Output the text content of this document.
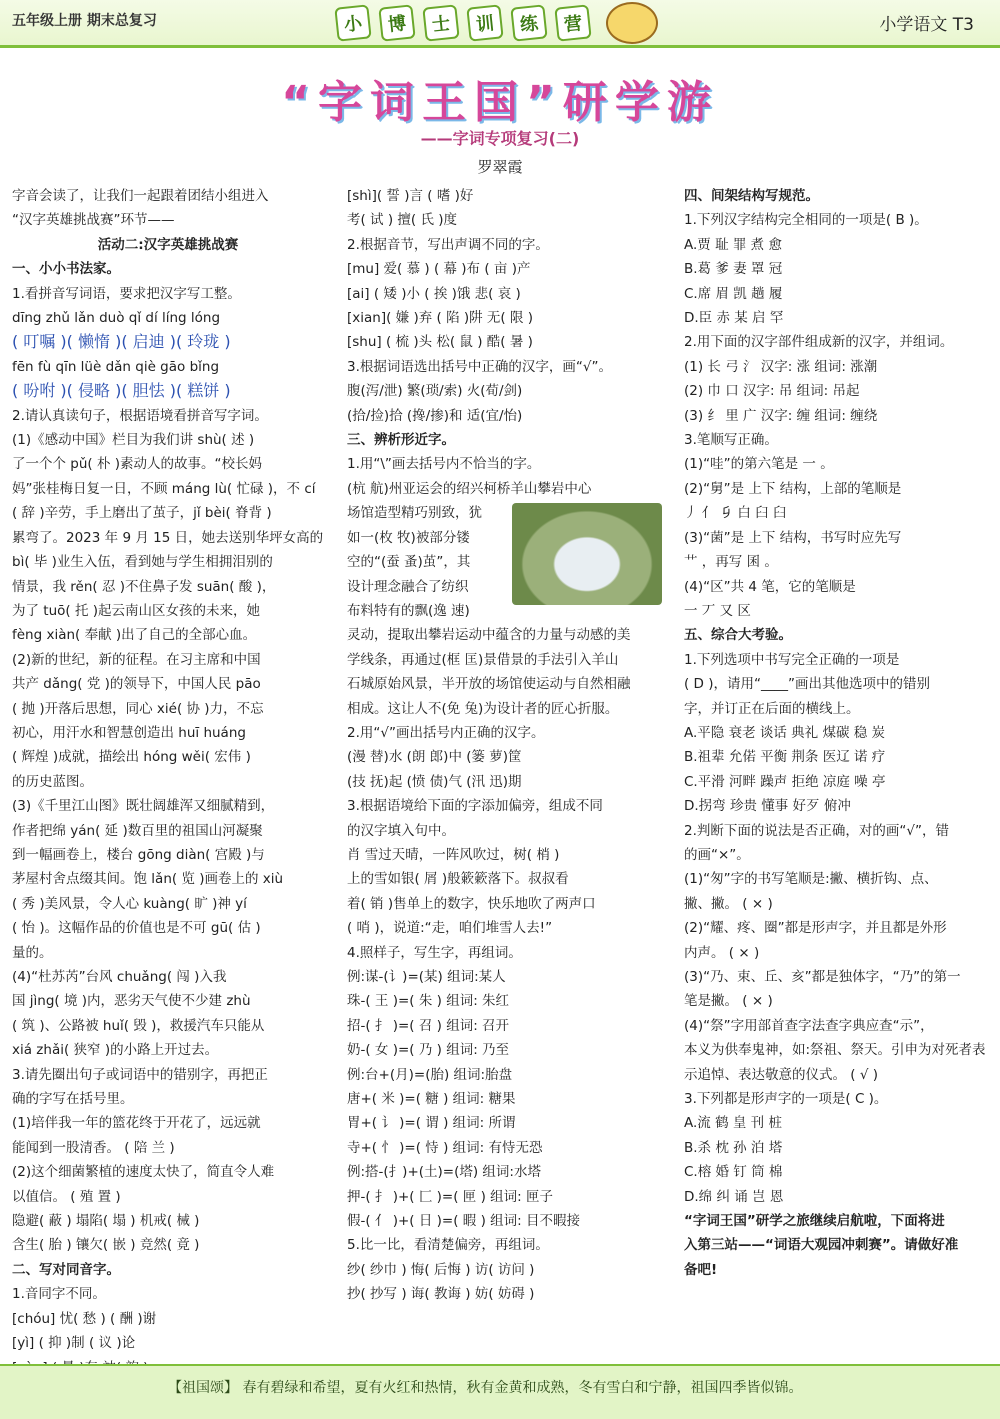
五年级上册 期末总复习	小	博	士	训	练	营	小学语文 T3
“字词王国”研学游
——字词专项复习(二)
罗翠霞
字音会读了，让我们一起跟着团结小组进入
“汉字英雄挑战赛”环节——
活动二:汉字英雄挑战赛
一、小小书法家。
1.看拼音写词语，要求把汉字写工整。
dīng zhǔ lǎn duò qǐ dí líng lóng
( 叮嘱 )( 懒惰 )( 启迪 )( 玲珑 )
fēn fù qīn lüè dǎn qiè gāo bǐng
( 吩咐 )( 侵略 )( 胆怯 )( 糕饼 )
2.请认真读句子，根据语境看拼音写字词。
(1)《感动中国》栏目为我们讲 shù( 述 )
了一个个 pǔ( 朴 )素动人的故事。“校长妈
妈”张桂梅日复一日，不顾 máng lù( 忙碌 )，不 cí
( 辞 )辛劳，手上磨出了茧子，jǐ bèi( 脊背 )
累弯了。2023 年 9 月 15 日，她去送别华坪女高的
bì( 毕 )业生入伍，看到她与学生相拥泪别的
情景，我 rěn( 忍 )不住鼻子发 suān( 酸 )，
为了 tuō( 托 )起云南山区女孩的未来，她
fèng xiàn( 奉献 )出了自己的全部心血。
(2)新的世纪，新的征程。在习主席和中国
共产 dǎng( 党 )的领导下，中国人民 pāo
( 抛 )开落后思想，同心 xié( 协 )力，不忘
初心，用汗水和智慧创造出 huī huáng
( 辉煌 )成就，描绘出 hóng wěi( 宏伟 )
的历史蓝图。
(3)《千里江山图》既壮阔雄浑又细腻精到，
作者把绵 yán( 延 )数百里的祖国山河凝聚
到一幅画卷上，楼台 gōng diàn( 宫殿 )与
茅屋村舍点缀其间。饱 lǎn( 览 )画卷上的 xiù
( 秀 )美风景，令人心 kuàng( 旷 )神 yí
( 怡 )。这幅作品的价值也是不可 gū( 估 )
量的。
(4)“杜苏芮”台风 chuǎng( 闯 )入我
国 jìng( 境 )内，恶劣天气使不少建 zhù
( 筑 )、公路被 huǐ( 毁 )，救援汽车只能从
xiá zhǎi( 狭窄 )的小路上开过去。
3.请先圈出句子或词语中的错别字，再把正
确的字写在括号里。
(1)培伴我一年的篮花终于开花了，远远就
能闻到一股清香。 ( 陪 兰 )
(2)这个细菌繁植的速度太快了，简直令人难
以值信。 ( 殖 置 )
隐避( 蔽 ) 塌陷( 塌 ) 机戒( 械 )
含生( 胎 ) 镶欠( 嵌 ) 竞然( 竟 )
二、写对同音字。
1.音同字不同。
[chóu] 忧( 愁 ) ( 酬 )谢
[yì] ( 抑 )制 ( 议 )论
[shì]( 誓 )言 ( 嗜 )好
考( 试 ) 擅( 氏 )度
2.根据音节，写出声调不同的字。
[mu] 爱( 慕 ) ( 幕 )布 ( 亩 )产
[ai] ( 矮 )小 ( 挨 )饿 悲( 哀 )
[xian]( 嫌 )弃 ( 陷 )阱 无( 限 )
[shu] ( 梳 )头 松( 鼠 ) 酷( 暑 )
3.根据词语选出括号中正确的汉字，画“√”。
腹(泻/泄) 繁(琐/索) 火(荀/剑)
(拾/捡)拾 (搀/掺)和 适(宜/怡)
三、辨析形近字。
1.用“\”画去括号内不恰当的字。
(杭 航)州亚运会的绍兴柯桥羊山攀岩中心
场馆造型精巧别致，犹
如一(枚 牧)被部分镂
空的“(蚕 蚤)茧”，其
设计理念融合了纺织
布料特有的飘(逸 速)
灵动，提取出攀岩运动中蕴含的力量与动感的美
学线条，再通过(框 匡)景借景的手法引入羊山
石城原始风景，半开放的场馆使运动与自然相融
相成。这让人不(免 兔)为设计者的匠心折服。
2.用“√”画出括号内正确的汉字。
(漫 替)水 (朗 郎)中 (篓 萝)筐
(技 抚)起 (愤 债)气 (汛 迅)期
3.根据语境给下面的字添加偏旁，组成不同
的汉字填入句中。
肖 雪过天晴，一阵风吹过，树( 梢 )
上的雪如银( 屑 )般簌簌落下。叔叔看
着( 销 )售单上的数字，快乐地吹了两声口
( 哨 )，说道:“走，咱们堆雪人去!”
4.照样子，写生字，再组词。
例:谋-(讠)=(某) 组词:某人
珠-( 王 )=( 朱 ) 组词: 朱红
招-( 扌 )=( 召 ) 组词: 召开
奶-( 女 )=( 乃 ) 组词: 乃至
例:台+(月)=(胎) 组词:胎盘
唐+( 米 )=( 糖 ) 组词: 糖果
胃+( 讠 )=( 谓 ) 组词: 所谓
寺+( 忄 )=( 恃 ) 组词: 有恃无恐
例:搭-(扌)+(土)=(塔) 组词:水塔
押-( 扌 )+( 匚 )=( 匣 ) 组词: 匣子
假-( 亻 )+( 日 )=( 暇 ) 组词: 目不暇接
5.比一比，看清楚偏旁，再组词。
纱( 纱巾 ) 悔( 后悔 ) 访( 访问 )
抄( 抄写 ) 诲( 教诲 ) 妨( 妨碍 )
四、间架结构写规范。
1.下列汉字结构完全相同的一项是( B )。
A.贾 耻 罪 煮 愈
B.葛 爹 妻 罩 冠
C.席 眉 凯 趟 履
D.臣 赤 某 启 罕
2.用下面的汉字部件组成新的汉字，并组词。
(1) 长 弓 氵 汉字: 涨 组词: 涨潮
(2) 巾 口 汉字: 吊 组词: 吊起
(3) 纟 里 广 汉字: 缠 组词: 缠绕
3.笔顺写正确。
(1)“哇”的第六笔是 一 。
(2)“舅”是 上下 结构，上部的笔顺是
丿 亻 𠂎 白 臼 臼
(3)“菌”是 上下 结构，书写时应先写
艹 ，再写 囷 。
(4)“区”共 4 笔，它的笔顺是
一 丆 又 区
五、综合大考验。
1.下列选项中书写完全正确的一项是
( D )，请用“____”画出其他选项中的错别
字，并订正在后面的横线上。
A.平隐 衰老 谈话 典礼 煤碳 稳 炭
B.祖辈 允偌 平衡 荆条 医辽 诺 疗
C.平滑 河畔 躁声 拒绝 凉庭 噪 亭
D.拐弯 珍贵 懂事 好歹 俯冲
2.判断下面的说法是否正确，对的画“√”，错
的画“×”。
(1)“匆”字的书写笔顺是:撇、横折钩、点、
撇、撇。 ( × )
(2)“耀、疼、圈”都是形声字，并且都是外形
内声。 ( × )
(3)“乃、束、丘、亥”都是独体字，“乃”的第一
笔是撇。 ( × )
(4)“祭”字用部首查字法查字典应查“示”，
本义为供奉鬼神，如:祭祖、祭天。引申为对死者表
示追悼、表达敬意的仪式。 ( √ )
3.下列都是形声字的一项是( C )。
A.流 鹤 皇 刊 桩
B.杀 枕 孙 泊 塔
C.榕 婚 钉 筒 棉
D.绵 纠 诵 岂 恩
“字词王国”研学之旅继续启航啦，下面将进
入第三站——“词语大观园冲刺赛”。请做好准
备吧!
【祖国颂】 春有碧绿和希望，夏有火红和热情，秋有金黄和成熟，冬有雪白和宁静，祖国四季皆似锦。
